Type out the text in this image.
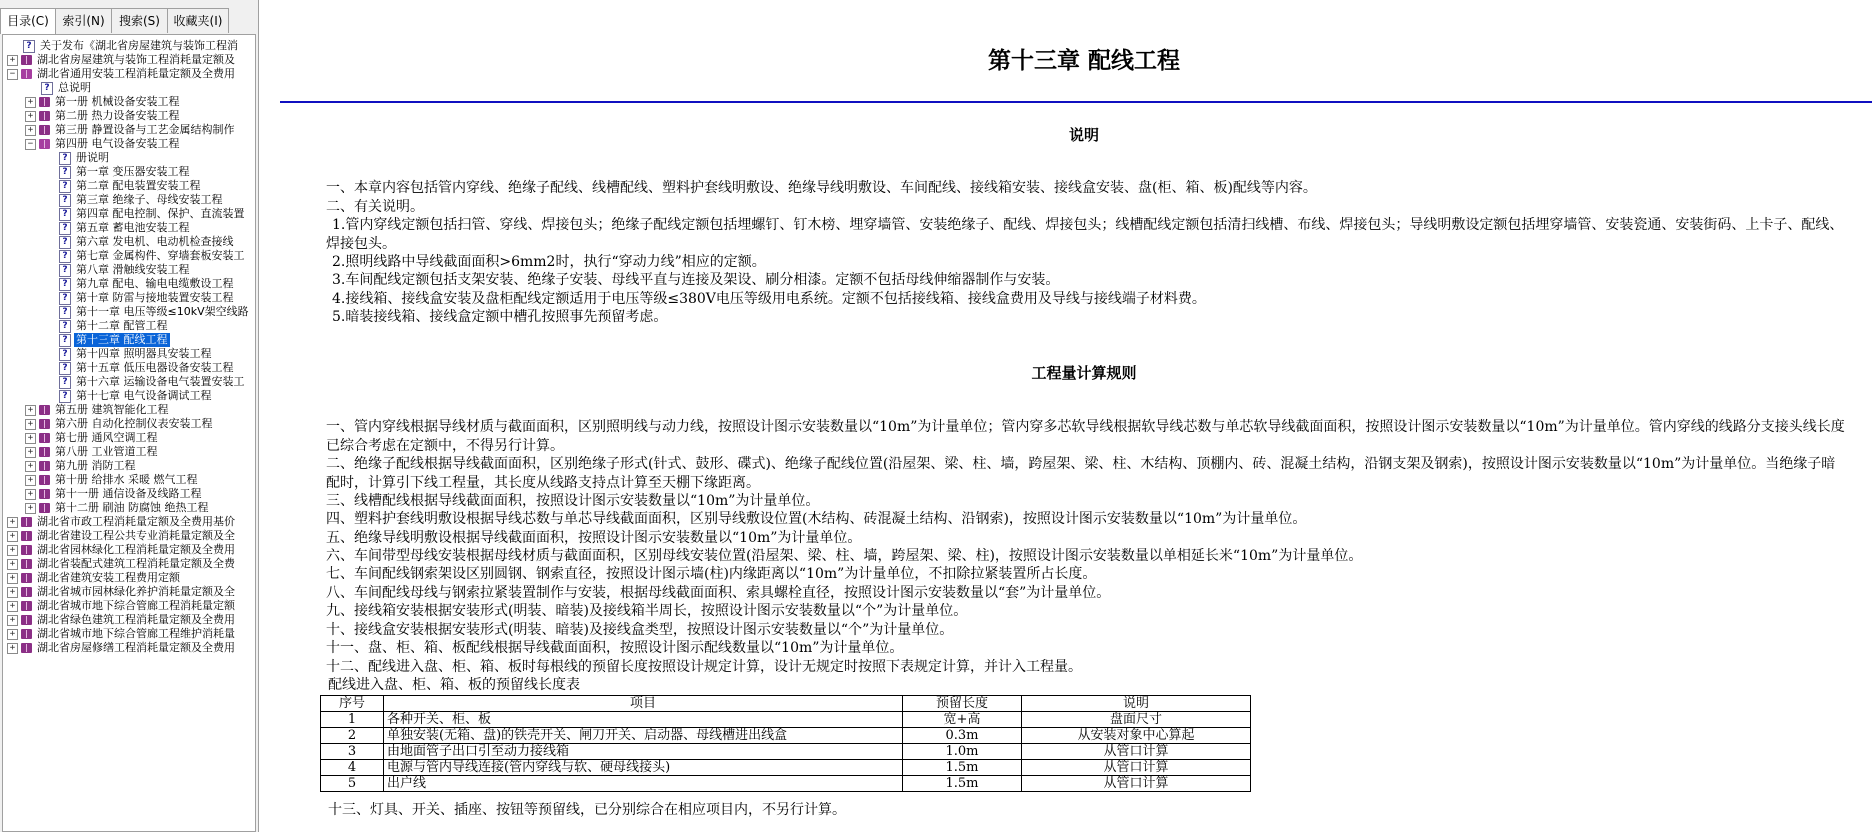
目录(C)	索引(N)	搜索(S)	收藏夹(I)
? 关于发布《湖北省房屋建筑与装饰工程消
+ 湖北省房屋建筑与装饰工程消耗量定额及
− 湖北省通用安装工程消耗量定额及全费用
? 总说明
+ 第一册 机械设备安装工程
+ 第二册 热力设备安装工程
+ 第三册 静置设备与工艺金属结构制作
− 第四册 电气设备安装工程
? 册说明
? 第一章 变压器安装工程
? 第二章 配电装置安装工程
? 第三章 绝缘子、母线安装工程
? 第四章 配电控制、保护、直流装置
? 第五章 蓄电池安装工程
? 第六章 发电机、电动机检查接线
? 第七章 金属构件、穿墙套板安装工
? 第八章 滑触线安装工程
? 第九章 配电、输电电缆敷设工程
? 第十章 防雷与接地装置安装工程
? 第十一章 电压等级≤10kV架空线路
? 第十二章 配管工程
? 第十三章 配线工程
? 第十四章 照明器具安装工程
? 第十五章 低压电器设备安装工程
? 第十六章 运输设备电气装置安装工
? 第十七章 电气设备调试工程
+ 第五册 建筑智能化工程
+ 第六册 自动化控制仪表安装工程
+ 第七册 通风空调工程
+ 第八册 工业管道工程
+ 第九册 消防工程
+ 第十册 给排水 采暖 燃气工程
+ 第十一册 通信设备及线路工程
+ 第十二册 刷油 防腐蚀 绝热工程
+ 湖北省市政工程消耗量定额及全费用基价
+ 湖北省建设工程公共专业消耗量定额及全
+ 湖北省园林绿化工程消耗量定额及全费用
+ 湖北省装配式建筑工程消耗量定额及全费
+ 湖北省建筑安装工程费用定额
+ 湖北省城市园林绿化养护消耗量定额及全
+ 湖北省城市地下综合管廊工程消耗量定额
+ 湖北省绿色建筑工程消耗量定额及全费用
+ 湖北省城市地下综合管廊工程维护消耗量
+ 湖北省房屋修缮工程消耗量定额及全费用
第十三章 配线工程
说明
一、本章内容包括管内穿线、绝缘子配线、线槽配线、塑料护套线明敷设、绝缘导线明敷设、车间配线、接线箱安装、接线盒安装、盘(柜、箱、板)配线等内容。
二、有关说明。
1.管内穿线定额包括扫管、穿线、焊接包头；绝缘子配线定额包括埋螺钉、钉木榜、埋穿墙管、安装绝缘子、配线、焊接包头；线槽配线定额包括清扫线槽、布线、焊接包头；导线明敷设定额包括埋穿墙管、安装瓷通、安装街码、上卡子、配线、焊接包头。
2.照明线路中导线截面面积>6mm2时，执行“穿动力线”相应的定额。
3.车间配线定额包括支架安装、绝缘子安装、母线平直与连接及架设、刷分相漆。定额不包括母线伸缩器制作与安装。
4.接线箱、接线盒安装及盘柜配线定额适用于电压等级≤380V电压等级用电系统。定额不包括接线箱、接线盒费用及导线与接线端子材料费。
5.暗装接线箱、接线盒定额中槽孔按照事先预留考虑。
工程量计算规则
一、管内穿线根据导线材质与截面面积，区别照明线与动力线，按照设计图示安装数量以“10m”为计量单位；管内穿多芯软导线根据软导线芯数与单芯软导线截面面积，按照设计图示安装数量以“10m”为计量单位。管内穿线的线路分支接头线长度已综合考虑在定额中，不得另行计算。
二、绝缘子配线根据导线截面面积，区别绝缘子形式(针式、鼓形、碟式)、绝缘子配线位置(沿屋架、梁、柱、墙，跨屋架、梁、柱、木结构、顶棚内、砖、混凝土结构，沿钢支架及钢索)，按照设计图示安装数量以“10m”为计量单位。当绝缘子暗配时，计算引下线工程量，其长度从线路支持点计算至天棚下缘距离。
三、线槽配线根据导线截面面积，按照设计图示安装数量以“10m”为计量单位。
四、塑料护套线明敷设根据导线芯数与单芯导线截面面积，区别导线敷设位置(木结构、砖混凝土结构、沿钢索)，按照设计图示安装数量以“10m”为计量单位。
五、绝缘导线明敷设根据导线截面面积，按照设计图示安装数量以“10m”为计量单位。
六、车间带型母线安装根据母线材质与截面面积，区别母线安装位置(沿屋架、梁、柱、墙，跨屋架、梁、柱)，按照设计图示安装数量以单相延长米“10m”为计量单位。
七、车间配线钢索架设区别圆钢、钢索直径，按照设计图示墙(柱)内缘距离以“10m”为计量单位，不扣除拉紧装置所占长度。
八、车间配线母线与钢索拉紧装置制作与安装，根据母线截面面积、索具螺栓直径，按照设计图示安装数量以“套”为计量单位。
九、接线箱安装根据安装形式(明装、暗装)及接线箱半周长，按照设计图示安装数量以“个”为计量单位。
十、接线盒安装根据安装形式(明装、暗装)及接线盒类型，按照设计图示安装数量以“个”为计量单位。
十一、盘、柜、箱、板配线根据导线截面面积，按照设计图示配线数量以“10m”为计量单位。
十二、配线进入盘、柜、箱、板时每根线的预留长度按照设计规定计算，设计无规定时按照下表规定计算，并计入工程量。
配线进入盘、柜、箱、板的预留线长度表
序号	项目	预留长度	说明
1	各种开关、柜、板	宽+高	盘面尺寸
2	单独安装(无箱、盘)的铁壳开关、闸刀开关、启动器、母线槽进出线盒	0.3m	从安装对象中心算起
3	由地面管子出口引至动力接线箱	1.0m	从管口计算
4	电源与管内导线连接(管内穿线与软、硬母线接头)	1.5m	从管口计算
5	出户线	1.5m	从管口计算
十三、灯具、开关、插座、按钮等预留线，已分别综合在相应项目内，不另行计算。
